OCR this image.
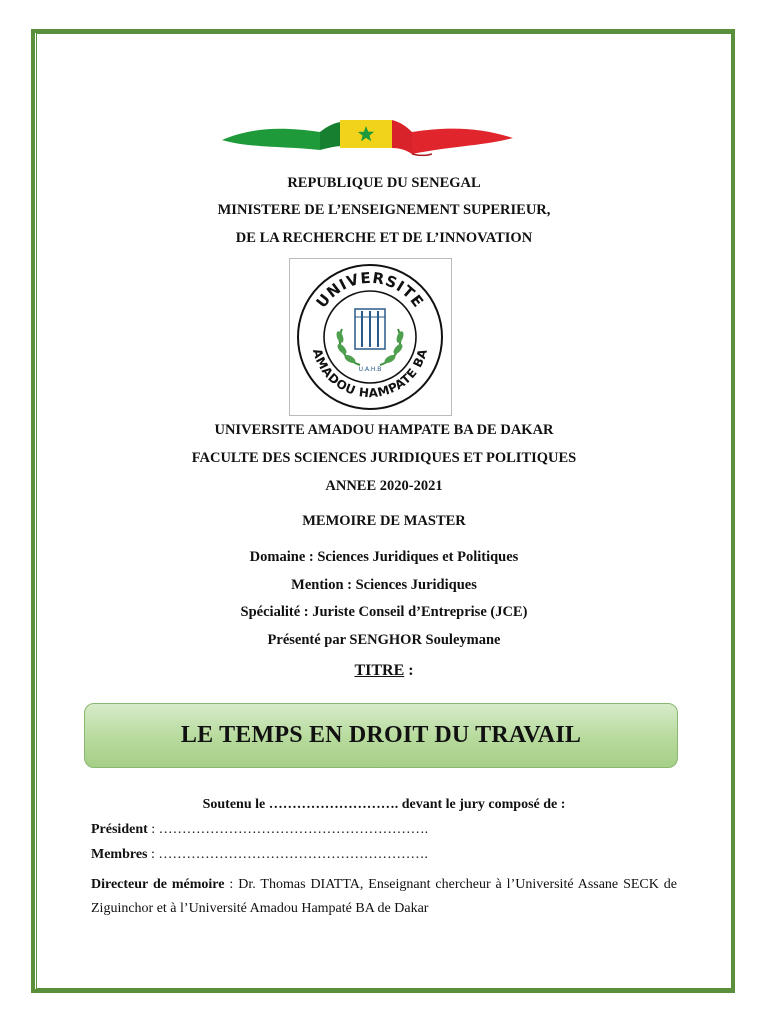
REPUBLIQUE DU SENEGAL
MINISTERE DE L’ENSEIGNEMENT SUPERIEUR,
DE LA RECHERCHE ET DE L’INNOVATION
UNIVERSITE
AMADOU HAMPATE BA
U.A.H.B
UNIVERSITE AMADOU HAMPATE BA DE DAKAR
FACULTE DES SCIENCES JURIDIQUES ET POLITIQUES
ANNEE 2020-2021
MEMOIRE DE MASTER
Domaine : Sciences Juridiques et Politiques
Mention : Sciences Juridiques
Spécialité : Juriste Conseil d’Entreprise (JCE)
Présenté par SENGHOR Souleymane
TITRE :
LE TEMPS EN DROIT DU TRAVAIL
Soutenu le ………………………. devant le jury composé de :
Président : ………………………………………………….
Membres : ………………………………………………….
Directeur de mémoire : Dr. Thomas DIATTA, Enseignant chercheur à l’Université Assane SECK de Ziguinchor et à l’Université Amadou Hampaté BA de Dakar
